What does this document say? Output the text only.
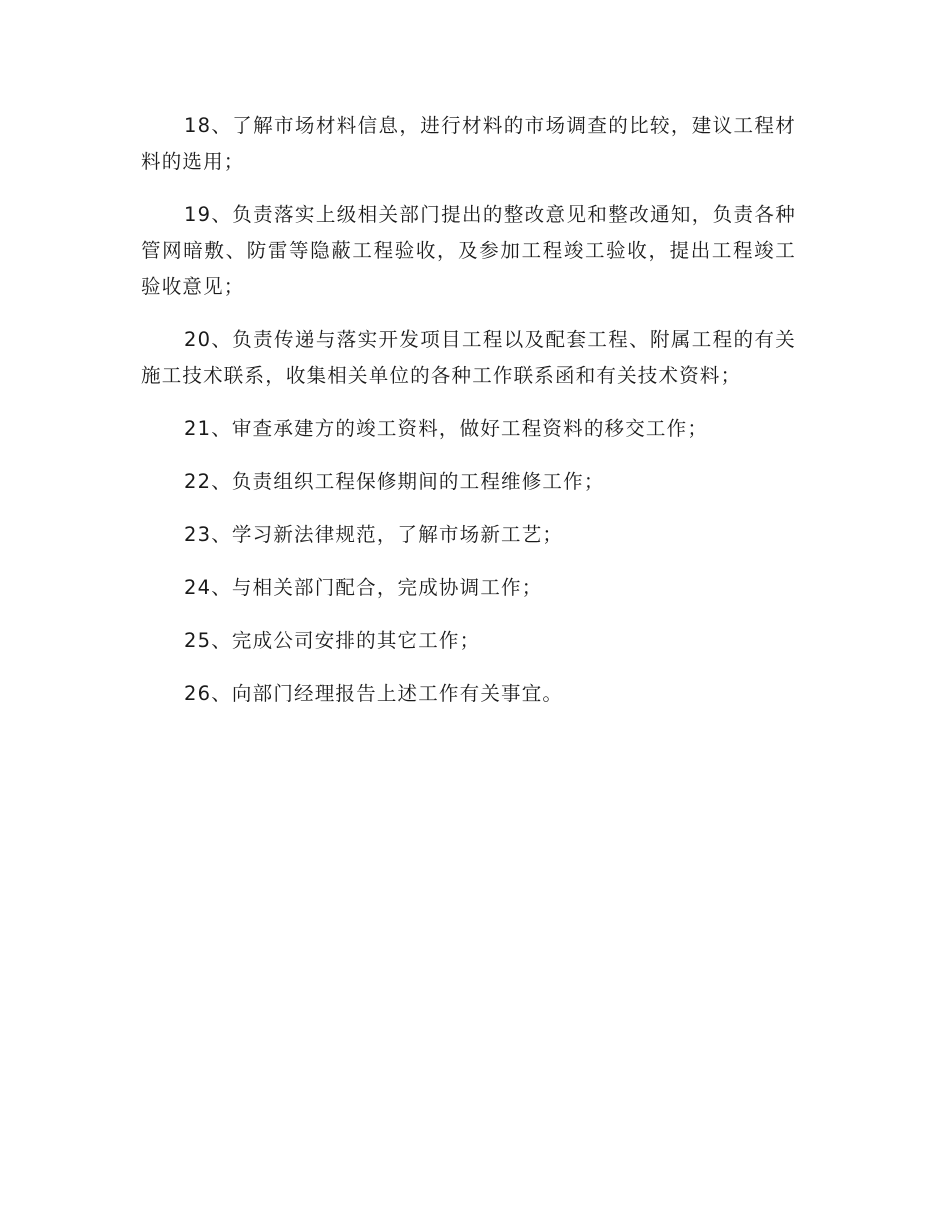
18、了解市场材料信息，进行材料的市场调查的比较，建议工程材料的选用；

19、负责落实上级相关部门提出的整改意见和整改通知，负责各种管网暗敷、防雷等隐蔽工程验收，及参加工程竣工验收，提出工程竣工验收意见；

20、负责传递与落实开发项目工程以及配套工程、附属工程的有关施工技术联系，收集相关单位的各种工作联系函和有关技术资料；

21、审查承建方的竣工资料，做好工程资料的移交工作；

22、负责组织工程保修期间的工程维修工作；

23、学习新法律规范，了解市场新工艺；

24、与相关部门配合，完成协调工作；

25、完成公司安排的其它工作；

26、向部门经理报告上述工作有关事宜。
